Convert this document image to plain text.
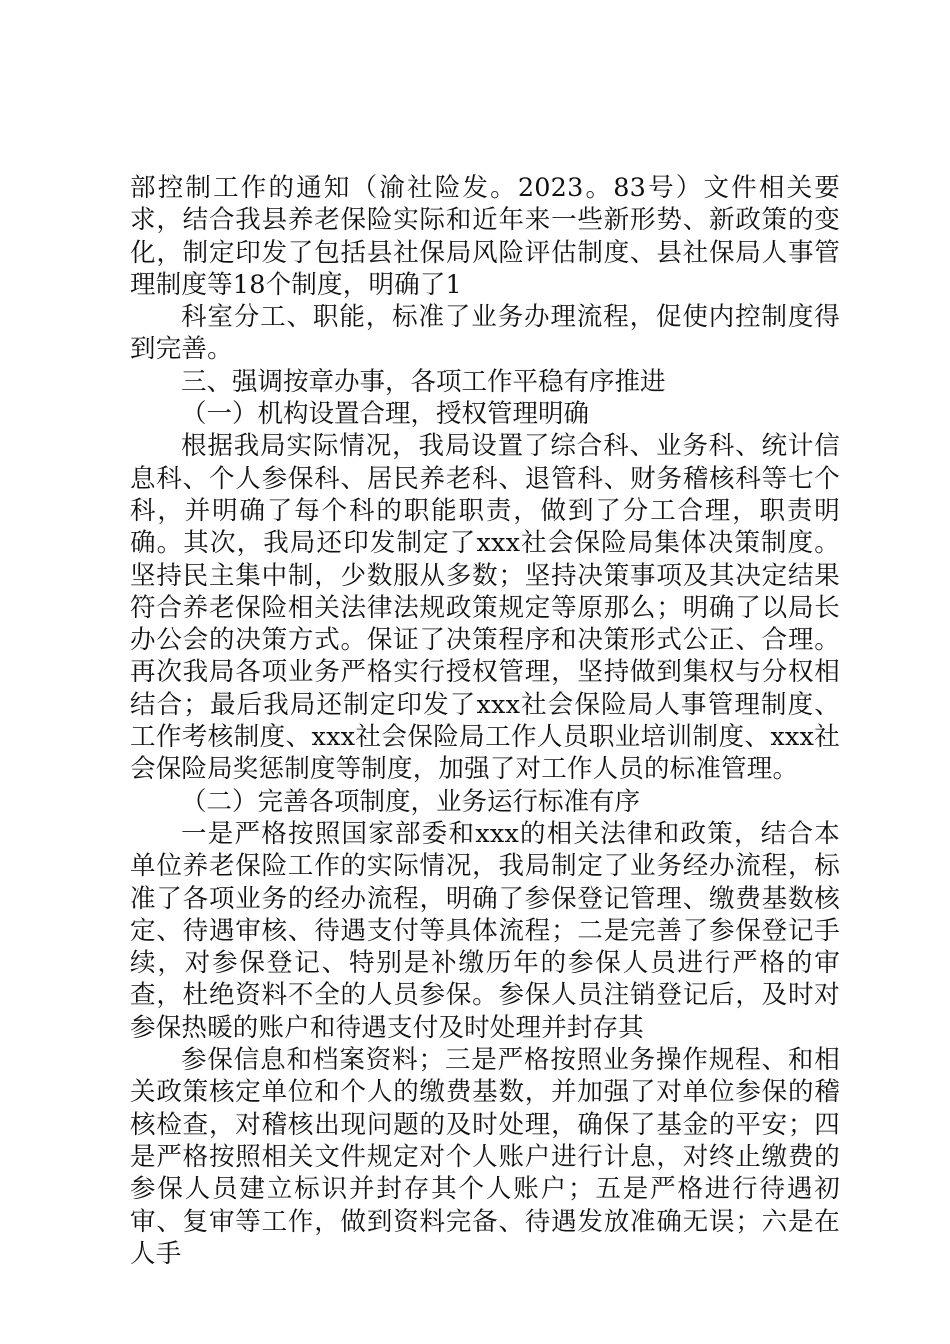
部控制工作的通知（渝社险发。2023。83号）文件相关要求，结合我县养老保险实际和近年来一些新形势、新政策的变化，制定印发了包括县社保局风险评估制度、县社保局人事管理制度等18个制度，明确了1

科室分工、职能，标准了业务办理流程，促使内控制度得到完善。

三、强调按章办事，各项工作平稳有序推进

（一）机构设置合理，授权管理明确

根据我局实际情况，我局设置了综合科、业务科、统计信息科、个人参保科、居民养老科、退管科、财务稽核科等七个科，并明确了每个科的职能职责，做到了分工合理，职责明确。其次，我局还印发制定了xxx社会保险局集体决策制度。坚持民主集中制，少数服从多数；坚持决策事项及其决定结果符合养老保险相关法律法规政策规定等原那么；明确了以局长办公会的决策方式。保证了决策程序和决策形式公正、合理。再次我局各项业务严格实行授权管理，坚持做到集权与分权相结合；最后我局还制定印发了xxx社会保险局人事管理制度、工作考核制度、xxx社会保险局工作人员职业培训制度、xxx社会保险局奖惩制度等制度，加强了对工作人员的标准管理。

（二）完善各项制度，业务运行标准有序

一是严格按照国家部委和xxx的相关法律和政策，结合本单位养老保险工作的实际情况，我局制定了业务经办流程，标准了各项业务的经办流程，明确了参保登记管理、缴费基数核定、待遇审核、待遇支付等具体流程；二是完善了参保登记手续，对参保登记、特别是补缴历年的参保人员进行严格的审查，杜绝资料不全的人员参保。参保人员注销登记后，及时对参保热暖的账户和待遇支付及时处理并封存其

参保信息和档案资料；三是严格按照业务操作规程、和相关政策核定单位和个人的缴费基数，并加强了对单位参保的稽核检查，对稽核出现问题的及时处理，确保了基金的平安；四是严格按照相关文件规定对个人账户进行计息，对终止缴费的参保人员建立标识并封存其个人账户；五是严格进行待遇初审、复审等工作，做到资料完备、待遇发放准确无误；六是在人手
